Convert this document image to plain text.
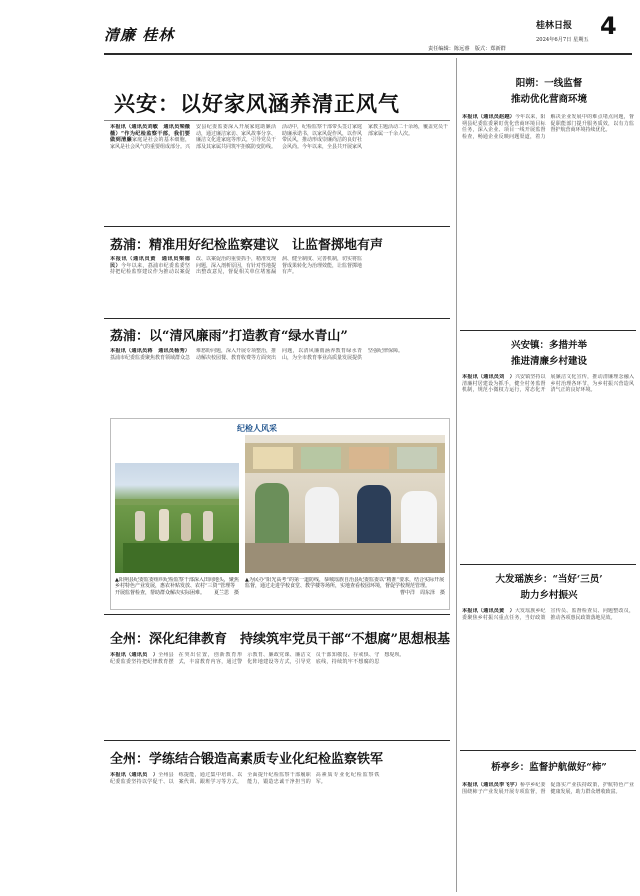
清廉 桂林	桂林日报 4
2024年6月7日 星期五
责任编辑：陈远睿　版式：郑新群
兴安：以好家风涵养清正风气
本报讯（通讯员刘敏　通讯员梁薇薇）“作为纪检监察干部，我们要做到清廉家庭是社会的基本细胞，家风是社会风气的重要组成部分。兴安县纪委监委深入开展家庭助廉活动，通过廉洁家访、家风故事分享、廉洁文化进家庭等形式，引导党员干部及其家属共同筑牢拒腐防变防线。活动中，纪检监察干部带头签订家庭助廉承诺书，以家风促作风，以作风带民风，推动形成崇廉尚洁的良好社会风尚。今年以来，全县共开展家风家教主题活动二十余场，覆盖党员干部家属一千余人次。
荔浦：精准用好纪检监察建议　让监督掷地有声
本报讯（通讯员黄　通讯员梁德民）今年以来，荔浦市纪委监委坚持把纪检监察建议作为推动以案促改、以案促治的重要抓手，精准发现问题，深入剖析原因，有针对性地提出整改意见，督促相关单位堵塞漏洞、健全制度、完善机制，切实将监督成果转化为治理效能，让监督掷地有声。
荔浦：以“清风廉雨”打造教育“绿水青山”
本报讯（通讯员蒋　通讯员杨秀）荔浦市纪委监委聚焦教育领域群众急难愁盼问题，深入开展专项整治，推动解决校园餐、教育收费等方面突出问题，以清风廉雨涵养教育绿水青山，为全市教育事业高质量发展提供坚强纪律保障。
纪检人风采
▲阳朔县纪委监委组织纪检监察干部深入田间地头，聚焦乡村特色产业发展，惠农补贴发放、农村“三资”管理等开展监督检查，帮助群众解决实际困难。 夏兰思　摄
▲为民办“阳光高考”的第一道防线，恭城瑶族自治县纪委监委以“精准”要求，结合实际开展监督，通过走进学校食堂、教学楼等场所，实地查看校园环境，督促学校规范管理。
曹中洋　周东泽　摄
全州：深化纪律教育　持续筑牢党员干部“不想腐”思想根基
本报讯（通讯员　）全州县纪委监委坚持把纪律教育摆在突出位置，创新教育形式，丰富教育内容，通过警示教育、廉政党课、廉洁文化阵地建设等方式，引导党员干部知敬畏、存戒惧、守底线，持续筑牢不想腐的思想堤坝。
全州：学练结合锻造高素质专业化纪检监察铁军
本报讯（通讯员　）全州县纪委监委坚持以学促干、以练提能，通过集中培训、以案代训、跟班学习等方式，全面提升纪检监察干部履职能力，锻造忠诚干净担当的高素质专业化纪检监察铁军。
阳朔：一线监督
推动优化营商环境
本报讯（通讯员赵越）今年以来，阳朔县纪委监委紧盯优化营商环境目标任务，深入企业、项目一线开展监督检查，畅通企业反映问题渠道，着力解决企业发展中的难点堵点问题，督促职能部门提升服务质效，以有力监督护航营商环境持续优化。
兴安镇：多措并举
推进清廉乡村建设
本报讯（通讯员刘　）兴安镇坚持以清廉村居建设为抓手，健全村务监督机制，规范小微权力运行，常态化开展廉洁文化宣传，推动清廉理念融入乡村治理各环节，为乡村振兴营造风清气正的良好环境。
大发瑶族乡：“当好‘三员’
助力乡村振兴
本报讯（通讯员黄　）大发瑶族乡纪委聚焦乡村振兴重点任务，当好政策宣传员、监督检查员、问题整改员，推动各项惠民政策落地见效。
桥亭乡：监督护航做好“柿”
本报讯（通讯员李飞宇）桥亭乡纪委围绕柿子产业发展开展专项监督，督促落实产业扶持政策，护航特色产业健康发展，助力群众增收致富。
